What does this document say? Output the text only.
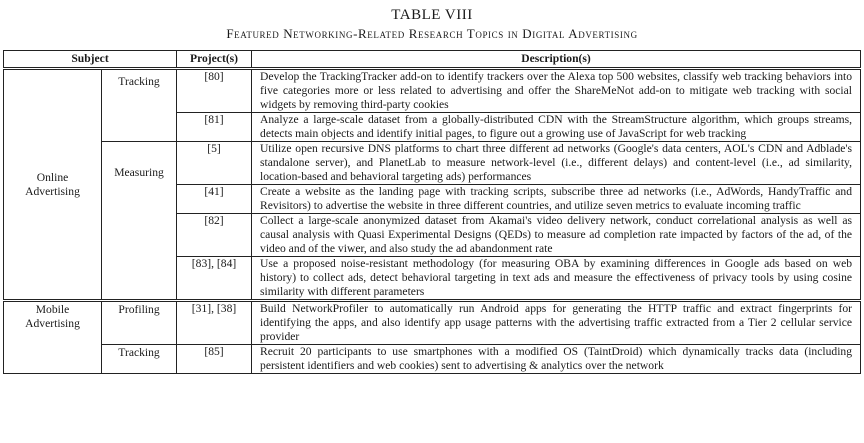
TABLE VIII
Featured Networking-Related Research Topics in Digital Advertising
Subject		Project(s)	Description(s)

Online
Advertising	Tracking	[80]	Develop the TrackingTracker add-on to identify trackers over the Alexa top 500 websites, classify web tracking behaviors into five categories more or less related to advertising and offer the ShareMeNot add-on to mitigate web tracking with social widgets by removing third-party cookies
		[81]	Analyze a large-scale dataset from a globally-distributed CDN with the StreamStructure algorithm, which groups streams, detects main objects and identify initial pages, to figure out a growing use of JavaScript for web tracking
	Measuring	[5]	Utilize open recursive DNS platforms to chart three different ad networks (Google's data centers, AOL's CDN and Adblade's standalone server), and PlanetLab to measure network-level (i.e., different delays) and content-level (i.e., ad similarity, location-based and behavioral targeting ads) performances
		[41]	Create a website as the landing page with tracking scripts, subscribe three ad networks (i.e., AdWords, HandyTraffic and Revisitors) to advertise the website in three different countries, and utilize seven metrics to evaluate incoming traffic
		[82]	Collect a large-scale anonymized dataset from Akamai's video delivery network, conduct correlational analysis as well as causal analysis with Quasi Experimental Designs (QEDs) to measure ad completion rate impacted by factors of the ad, of the video and of the viwer, and also study the ad abandonment rate
		[83], [84]	Use a proposed noise-resistant methodology (for measuring OBA by examining differences in Google ads based on web history) to collect ads, detect behavioral targeting in text ads and measure the effectiveness of privacy tools by using cosine similarity with different parameters

Mobile
Advertising	Profiling	[31], [38]	Build NetworkProfiler to automatically run Android apps for generating the HTTP traffic and extract fingerprints for identifying the apps, and also identify app usage patterns with the advertising traffic extracted from a Tier 2 cellular service provider
	Tracking	[85]	Recruit 20 participants to use smartphones with a modified OS (TaintDroid) which dynamically tracks data (including persistent identifiers and web cookies) sent to advertising & analytics over the network
